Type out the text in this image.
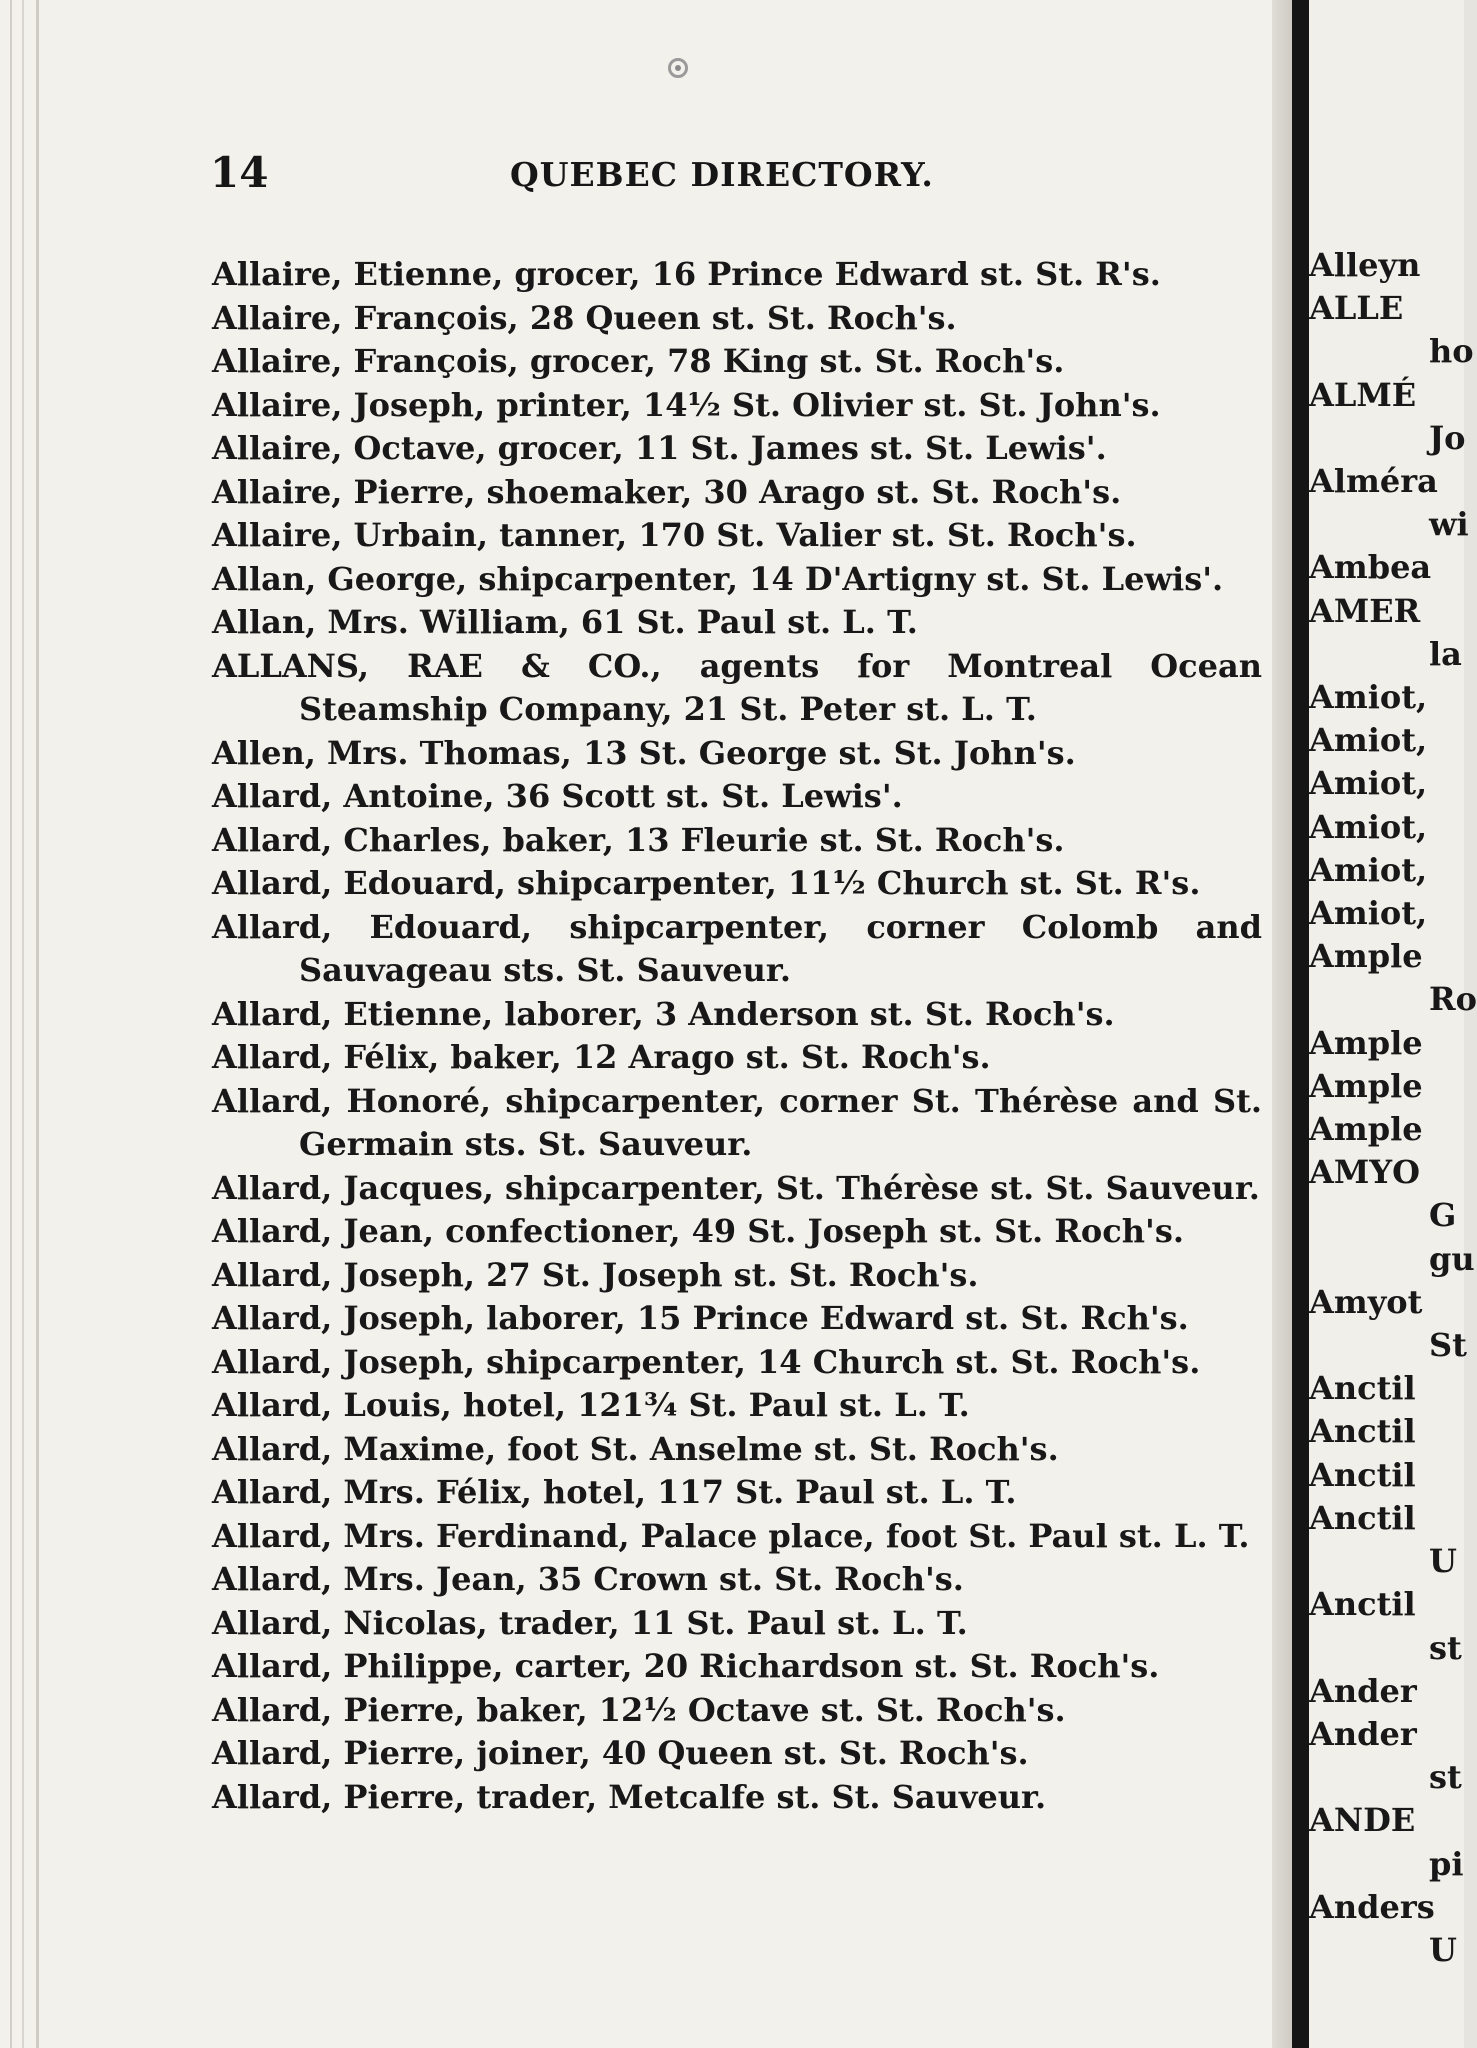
14	QUEBEC DIRECTORY.
Allaire, Etienne, grocer, 16 Prince Edward st. St. R's.
Allaire, François, 28 Queen st. St. Roch's.
Allaire, François, grocer, 78 King st. St. Roch's.
Allaire, Joseph, printer, 14½ St. Olivier st. St. John's.
Allaire, Octave, grocer, 11 St. James st. St. Lewis'.
Allaire, Pierre, shoemaker, 30 Arago st. St. Roch's.
Allaire, Urbain, tanner, 170 St. Valier st. St. Roch's.
Allan, George, shipcarpenter, 14 D'Artigny st. St. Lewis'.
Allan, Mrs. William, 61 St. Paul st. L. T.
ALLANS, RAE & CO., agents for Montreal Ocean Steamship Company, 21 St. Peter st. L. T.
Allen, Mrs. Thomas, 13 St. George st. St. John's.
Allard, Antoine, 36 Scott st. St. Lewis'.
Allard, Charles, baker, 13 Fleurie st. St. Roch's.
Allard, Edouard, shipcarpenter, 11½ Church st. St. R's.
Allard, Edouard, shipcarpenter, corner Colomb and Sauvageau sts. St. Sauveur.
Allard, Etienne, laborer, 3 Anderson st. St. Roch's.
Allard, Félix, baker, 12 Arago st. St. Roch's.
Allard, Honoré, shipcarpenter, corner St. Thérèse and St. Germain sts. St. Sauveur.
Allard, Jacques, shipcarpenter, St. Thérèse st. St. Sauveur.
Allard, Jean, confectioner, 49 St. Joseph st. St. Roch's.
Allard, Joseph, 27 St. Joseph st. St. Roch's.
Allard, Joseph, laborer, 15 Prince Edward st. St. Rch's.
Allard, Joseph, shipcarpenter, 14 Church st. St. Roch's.
Allard, Louis, hotel, 121¾ St. Paul st. L. T.
Allard, Maxime, foot St. Anselme st. St. Roch's.
Allard, Mrs. Félix, hotel, 117 St. Paul st. L. T.
Allard, Mrs. Ferdinand, Palace place, foot St. Paul st. L. T.
Allard, Mrs. Jean, 35 Crown st. St. Roch's.
Allard, Nicolas, trader, 11 St. Paul st. L. T.
Allard, Philippe, carter, 20 Richardson st. St. Roch's.
Allard, Pierre, baker, 12½ Octave st. St. Roch's.
Allard, Pierre, joiner, 40 Queen st. St. Roch's.
Allard, Pierre, trader, Metcalfe st. St. Sauveur.
Alleyn
ALLE
ho
ALMÉ
Jo
Alméra
wi
Ambea
AMER
la
Amiot,
Amiot,
Amiot,
Amiot,
Amiot,
Amiot,
Ample
Ro
Ample
Ample
Ample
AMYO
G
gu
Amyot
St
Anctil
Anctil
Anctil
Anctil
U
Anctil
st
Ander
Ander
st
ANDE
pi
Anders
U
